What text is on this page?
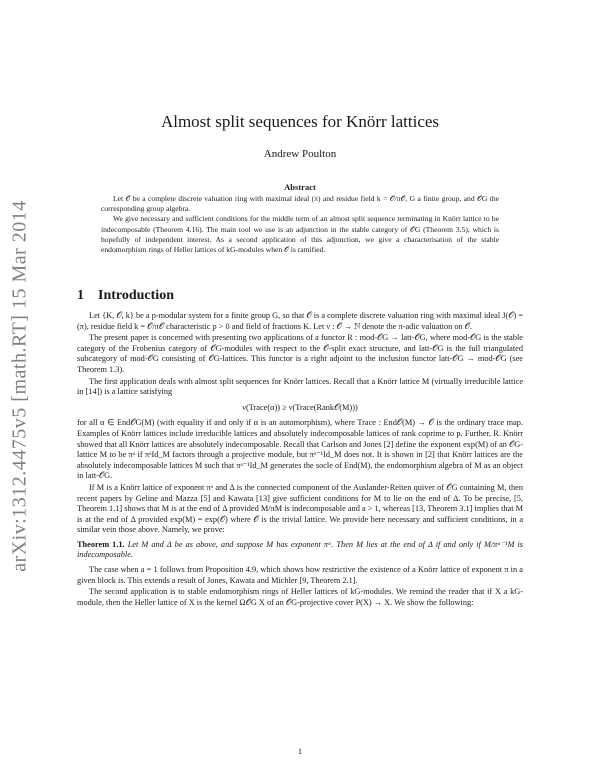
arXiv:1312.4475v5 [math.RT] 15 Mar 2014
Almost split sequences for Knörr lattices
Andrew Poulton
Abstract

Let 𝒪 be a complete discrete valuation ring with maximal ideal (π) and residue field k = 𝒪/π𝒪, G a finite group, and 𝒪G the corresponding group algebra.

We give necessary and sufficient conditions for the middle term of an almost split sequence terminating in Knörr lattice to be indecomposable (Theorem 4.16). The main tool we use is an adjunction in the stable category of 𝒪G (Theorem 3.5), which is hopefully of independent interest. As a second application of this adjunction, we give a characterisation of the stable endomorphism rings of Heller lattices of kG-modules when 𝒪 is ramified.

1 Introduction

Let {K, 𝒪, k} be a p-modular system for a finite group G, so that 𝒪 is a complete discrete valuation ring with maximal ideal J(𝒪) = (π), residue field k = 𝒪/π𝒪 characteristic p > 0 and field of fractions K. Let ν : 𝒪 → ℕ denote the π-adic valuation on 𝒪.

The present paper is concerned with presenting two applications of a functor R : mod-𝒪G → latt-𝒪G, where mod-𝒪G is the stable category of the Frobenius category of 𝒪G-modules with respect to the 𝒪-split exact structure, and latt-𝒪G is the full triangulated subcategory of mod-𝒪G consisting of 𝒪G-lattices. This functor is a right adjoint to the inclusion functor latt-𝒪G → mod-𝒪G (see Theorem 1.3).

The first application deals with almost split sequences for Knörr lattices. Recall that a Knörr lattice M (virtually irreducible lattice in [14]) is a lattice satisfying

ν(Trace(α)) ≥ ν(Trace(Rank𝒪(M)))

for all α ∈ End𝒪G(M) (with equality if and only if α is an automorphism), where Trace : End𝒪(M) → 𝒪 is the ordinary trace map. Examples of Knörr lattices include irreducible lattices and absolutely indecomposable lattices of rank coprime to p. Further, R. Knörr showed that all Knörr lattices are absolutely indecomposable. Recall that Carlson and Jones [2] define the exponent exp(M) of an 𝒪G-lattice M to be πᵃ if πᵃId_M factors through a projective module, but πᵃ⁻¹Id_M does not. It is shown in [2] that Knörr lattices are the absolutely indecomposable lattices M such that πᵃ⁻¹Id_M generates the socle of End(M), the endomorphism algebra of M as an object in latt-𝒪G.

If M is a Knörr lattice of exponent πᵃ and Δ is the connected component of the Auslander-Reiten quiver of 𝒪G containing M, then recent papers by Geline and Mazza [5] and Kawata [13] give sufficient conditions for M to lie on the end of Δ. To be precise, [5, Theorem 1.1] shows that M is at the end of Δ provided M/πM is indecomposable and a > 1, whereas [13, Theorem 3.1] implies that M is at the end of Δ provided exp(M) = exp(𝒪) where 𝒪 is the trivial lattice. We provide here necessary and sufficient conditions, in a similar vein those above. Namely, we prove:

Theorem 1.1. Let M and Δ be as above, and suppose M has exponent πᵃ. Then M lies at the end of Δ if and only if M/πᵃ⁻¹M is indecomposable.

The case when a = 1 follows from Proposition 4.9, which shows how restrictive the existence of a Knörr lattice of exponent π in a given block is. This extends a result of Jones, Kawata and Michler [9, Theorem 2.1].

The second application is to stable endomorphism rings of Heller lattices of kG-modules. We remind the reader that if X a kG-module, then the Heller lattice of X is the kernel Ω𝒪G X of an 𝒪G-projective cover P(X) → X. We show the following:

1
